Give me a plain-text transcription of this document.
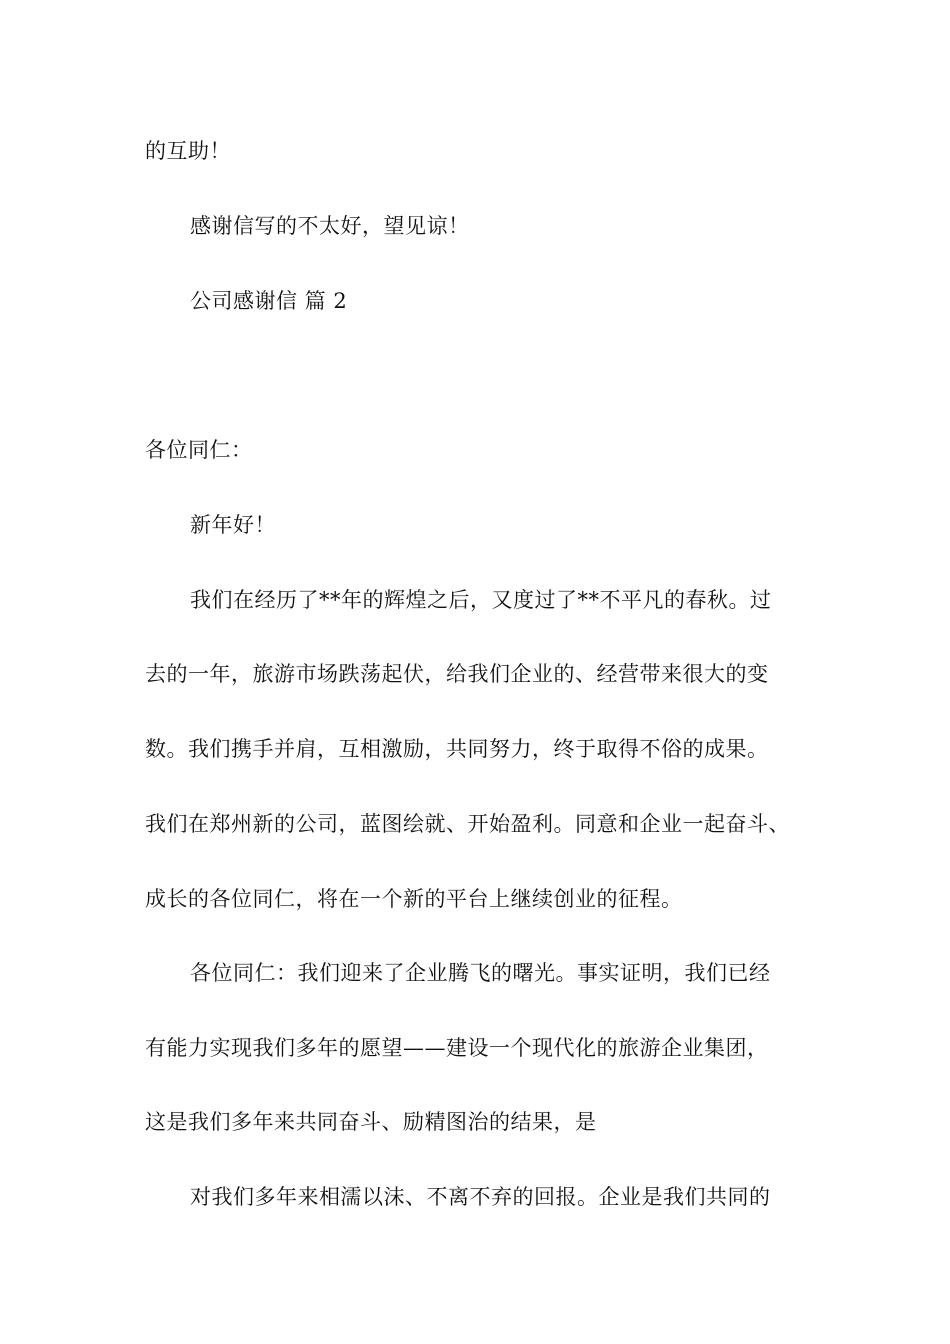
的互助！
感谢信写的不太好，望见谅！
公司感谢信 篇 2
各位同仁：
新年好！
我们在经历了**年的辉煌之后，又度过了**不平凡的春秋。过
去的一年，旅游市场跌荡起伏，给我们企业的、经营带来很大的变
数。我们携手并肩，互相激励，共同努力，终于取得不俗的成果。
我们在郑州新的公司，蓝图绘就、开始盈利。同意和企业一起奋斗、
成长的各位同仁，将在一个新的平台上继续创业的征程。
各位同仁：我们迎来了企业腾飞的曙光。事实证明，我们已经
有能力实现我们多年的愿望——建设一个现代化的旅游企业集团，
这是我们多年来共同奋斗、励精图治的结果，是
对我们多年来相濡以沫、不离不弃的回报。企业是我们共同的
